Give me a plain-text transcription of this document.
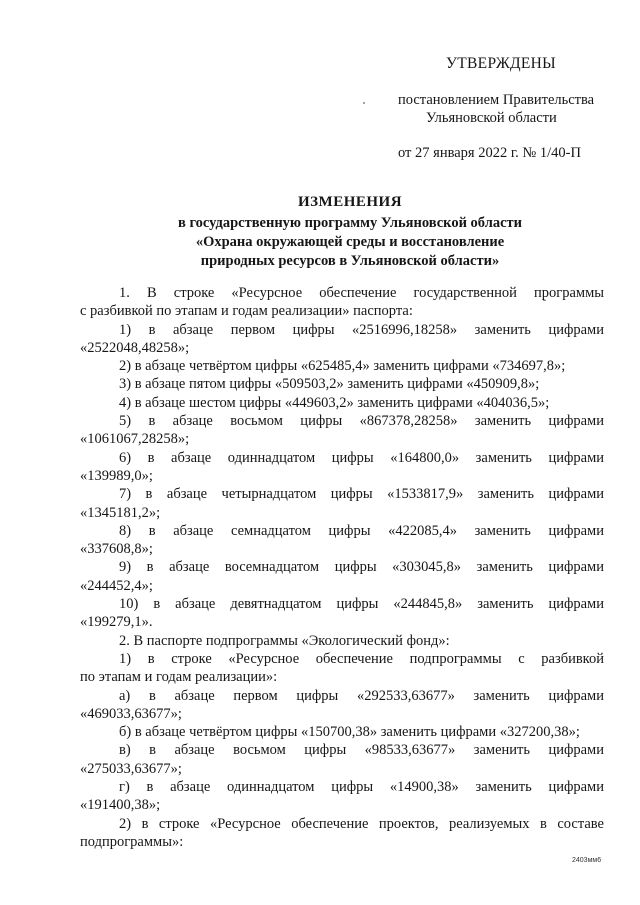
УТВЕРЖДЕНЫ
постановлением Правительства
Ульяновской области
от 27 января 2022 г. № 1/40-П
ИЗМЕНЕНИЯ
в государственную программу Ульяновской области
«Охрана окружающей среды и восстановление
природных ресурсов в Ульяновской области»
1. В строке «Ресурсное обеспечение государственной программы
с разбивкой по этапам и годам реализации» паспорта:
1) в абзаце первом цифры «2516996,18258» заменить цифрами
«2522048,48258»;
2) в абзаце четвёртом цифры «625485,4» заменить цифрами «734697,8»;
3) в абзаце пятом цифры «509503,2» заменить цифрами «450909,8»;
4) в абзаце шестом цифры «449603,2» заменить цифрами «404036,5»;
5) в абзаце восьмом цифры «867378,28258» заменить цифрами
«1061067,28258»;
6) в абзаце одиннадцатом цифры «164800,0» заменить цифрами
«139989,0»;
7) в абзаце четырнадцатом цифры «1533817,9» заменить цифрами
«1345181,2»;
8) в абзаце семнадцатом цифры «422085,4» заменить цифрами
«337608,8»;
9) в абзаце восемнадцатом цифры «303045,8» заменить цифрами
«244452,4»;
10) в абзаце девятнадцатом цифры «244845,8» заменить цифрами
«199279,1».
2. В паспорте подпрограммы «Экологический фонд»:
1) в строке «Ресурсное обеспечение подпрограммы с разбивкой
по этапам и годам реализации»:
а) в абзаце первом цифры «292533,63677» заменить цифрами
«469033,63677»;
б) в абзаце четвёртом цифры «150700,38» заменить цифрами «327200,38»;
в) в абзаце восьмом цифры «98533,63677» заменить цифрами
«275033,63677»;
г) в абзаце одиннадцатом цифры «14900,38» заменить цифрами
«191400,38»;
2) в строке «Ресурсное обеспечение проектов, реализуемых в составе
подпрограммы»:
2403мм6
